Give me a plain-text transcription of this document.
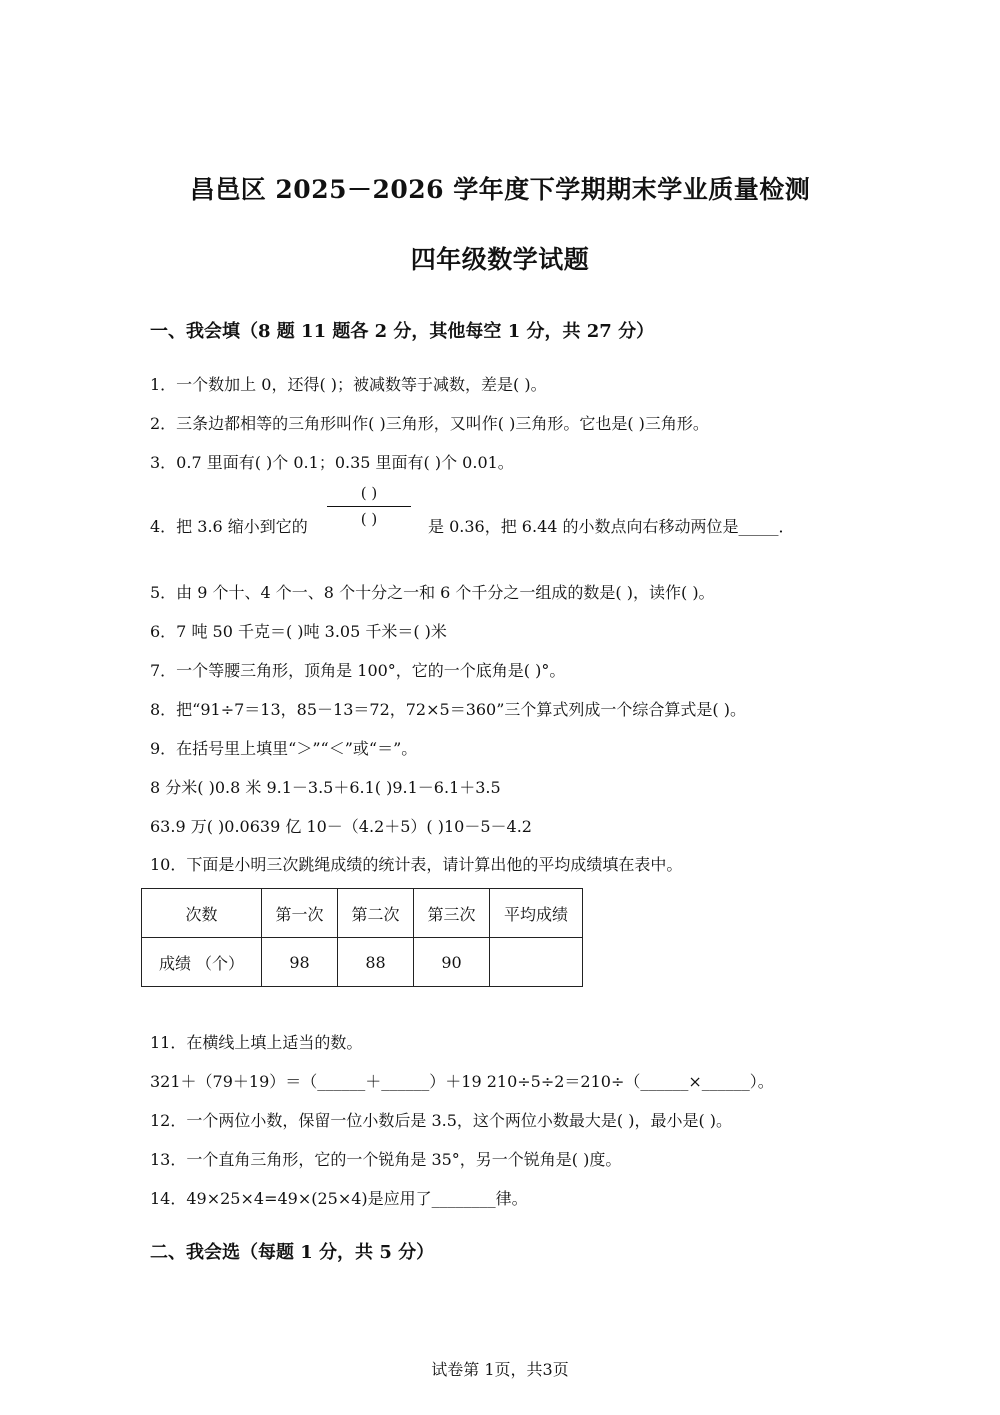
昌邑区 2025－2026 学年度下学期期末学业质量检测
四年级数学试题
一、我会填（8 题 11 题各 2 分，其他每空 1 分，共 27 分）
1．一个数加上 0，还得( )；被减数等于减数，差是( )。
2．三条边都相等的三角形叫作( )三角形，又叫作( )三角形。它也是( )三角形。
3．0.7 里面有( )个 0.1；0.35 里面有( )个 0.01。
4．把 3.6 缩小到它的
( )
( )	是 0.36，把 6.44 的小数点向右移动两位是_____．
5．由 9 个十、4 个一、8 个十分之一和 6 个千分之一组成的数是( )，读作( )。
6．7 吨 50 千克＝( )吨 3.05 千米＝( )米
7．一个等腰三角形，顶角是 100°，它的一个底角是( )°。
8．把“91÷7＝13，85－13＝72，72×5＝360”三个算式列成一个综合算式是( )。
9．在括号里上填里“＞”“＜”或“＝”。
8 分米( )0.8 米 9.1－3.5＋6.1( )9.1－6.1＋3.5
63.9 万( )0.0639 亿 10－（4.2＋5）( )10－5－4.2
10．下面是小明三次跳绳成绩的统计表，请计算出他的平均成绩填在表中。
次数	第一次	第二次	第三次	平均成绩
成绩 （个）	98	88	90	
11．在横线上填上适当的数。
321＋（79＋19）＝（______＋______）＋19 210÷5÷2＝210÷（______×______）。
12．一个两位小数，保留一位小数后是 3.5，这个两位小数最大是( )，最小是( )。
13．一个直角三角形，它的一个锐角是 35°，另一个锐角是( )度。
14．49×25×4=49×(25×4)是应用了________律。
二、我会选（每题 1 分，共 5 分）
试卷第 1页，共3页
